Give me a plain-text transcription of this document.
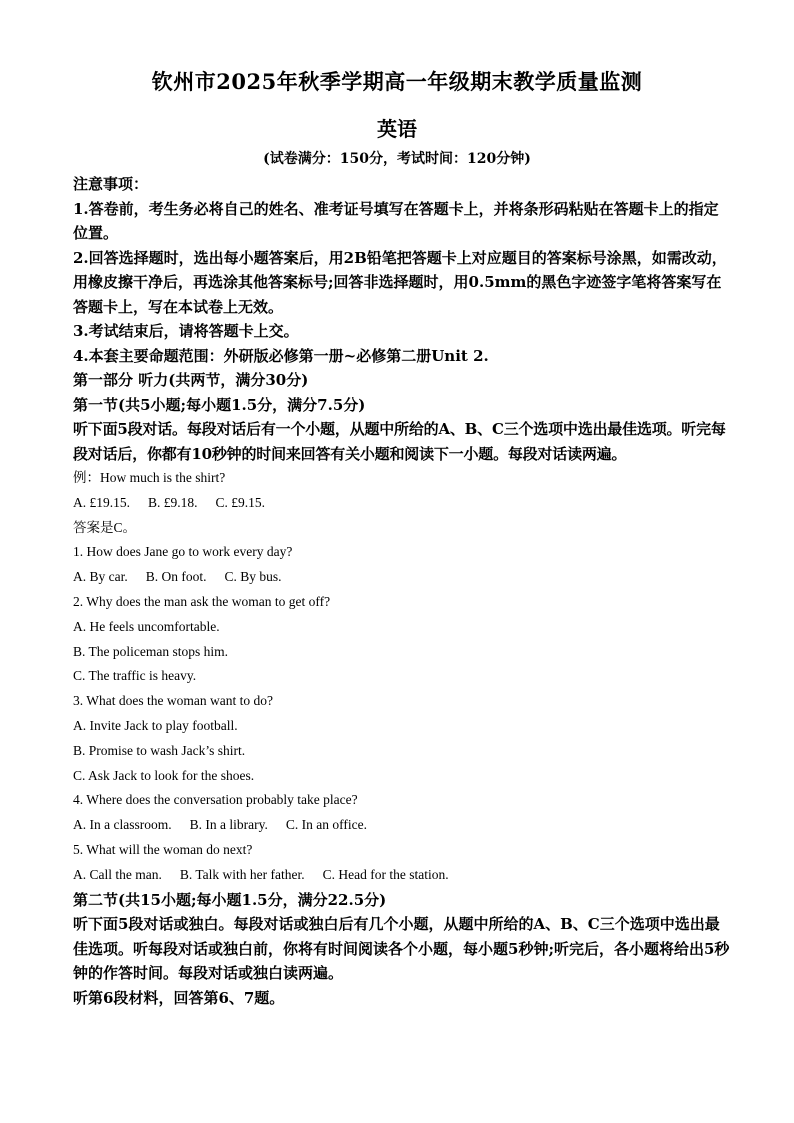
钦州市2025年秋季学期高一年级期末教学质量监测
英语
(试卷满分：150分，考试时间：120分钟)
注意事项：
1.答卷前，考生务必将自己的姓名、准考证号填写在答题卡上，并将条形码粘贴在答题卡上的指定位置。
2.回答选择题时，选出每小题答案后，用2B铅笔把答题卡上对应题目的答案标号涂黑，如需改动，用橡皮擦干净后，再选涂其他答案标号;回答非选择题时，用0.5mm的黑色字迹签字笔将答案写在答题卡上，写在本试卷上无效。
3.考试结束后，请将答题卡上交。
4.本套主要命题范围：外研版必修第一册~必修第二册Unit 2.
第一部分 听力(共两节，满分30分)
第一节(共5小题;每小题1.5分，满分7.5分)
听下面5段对话。每段对话后有一个小题，从题中所给的A、B、C三个选项中选出最佳选项。听完每段对话后，你都有10秒钟的时间来回答有关小题和阅读下一小题。每段对话读两遍。
例：How much is the shirt?
A. £19.15. B. £9.18. C. £9.15.
答案是C。
1. How does Jane go to work every day?
A. By car. B. On foot. C. By bus.
2. Why does the man ask the woman to get off?
A. He feels uncomfortable.
B. The policeman stops him.
C. The traffic is heavy.
3. What does the woman want to do?
A. Invite Jack to play football.
B. Promise to wash Jack’s shirt.
C. Ask Jack to look for the shoes.
4. Where does the conversation probably take place?
A. In a classroom. B. In a library. C. In an office.
5. What will the woman do next?
A. Call the man. B. Talk with her father. C. Head for the station.
第二节(共15小题;每小题1.5分，满分22.5分)
听下面5段对话或独白。每段对话或独白后有几个小题，从题中所给的A、B、C三个选项中选出最佳选项。听每段对话或独白前，你将有时间阅读各个小题，每小题5秒钟;听完后，各小题将给出5秒钟的作答时间。每段对话或独白读两遍。
听第6段材料，回答第6、7题。
